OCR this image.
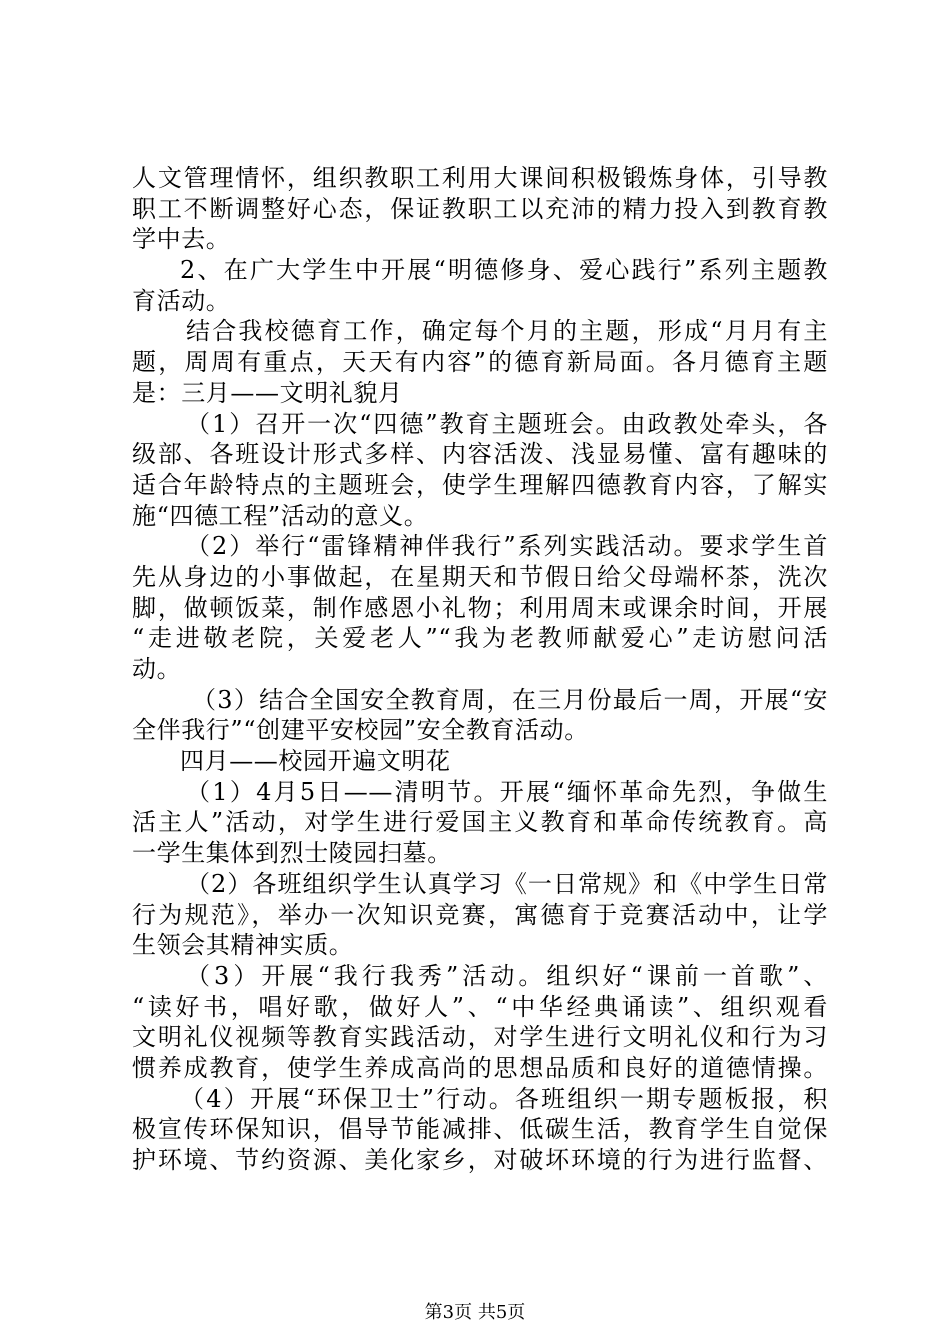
人文管理情怀，组织教职工利用大课间积极锻炼身体，引导教
职工不断调整好心态，保证教职工以充沛的精力投入到教育教
学中去。
2、在广大学生中开展“明德修身、爱心践行”系列主题教
育活动。
结合我校德育工作，确定每个月的主题，形成“月月有主
题，周周有重点，天天有内容”的德育新局面。各月德育主题
是：三月——文明礼貌月
（1）召开一次“四德”教育主题班会。由政教处牵头，各
级部、各班设计形式多样、内容活泼、浅显易懂、富有趣味的
适合年龄特点的主题班会，使学生理解四德教育内容，了解实
施“四德工程”活动的意义。
（2）举行“雷锋精神伴我行”系列实践活动。要求学生首
先从身边的小事做起，在星期天和节假日给父母端杯茶，洗次
脚，做顿饭菜，制作感恩小礼物；利用周末或课余时间，开展
“走进敬老院，关爱老人”“我为老教师献爱心”走访慰问活
动。
（3）结合全国安全教育周，在三月份最后一周，开展“安
全伴我行”“创建平安校园”安全教育活动。
四月——校园开遍文明花
（1）4月5日——清明节。开展“缅怀革命先烈，争做生
活主人”活动，对学生进行爱国主义教育和革命传统教育。高
一学生集体到烈士陵园扫墓。
（2）各班组织学生认真学习《一日常规》和《中学生日常
行为规范》，举办一次知识竞赛，寓德育于竞赛活动中，让学
生领会其精神实质。
（3）开展“我行我秀”活动。组织好“课前一首歌”、
“读好书，唱好歌，做好人”、“中华经典诵读”、组织观看
文明礼仪视频等教育实践活动，对学生进行文明礼仪和行为习
惯养成教育，使学生养成高尚的思想品质和良好的道德情操。
（4）开展“环保卫士”行动。各班组织一期专题板报，积
极宣传环保知识，倡导节能减排、低碳生活，教育学生自觉保
护环境、节约资源、美化家乡，对破坏环境的行为进行监督、
第3页 共5页
